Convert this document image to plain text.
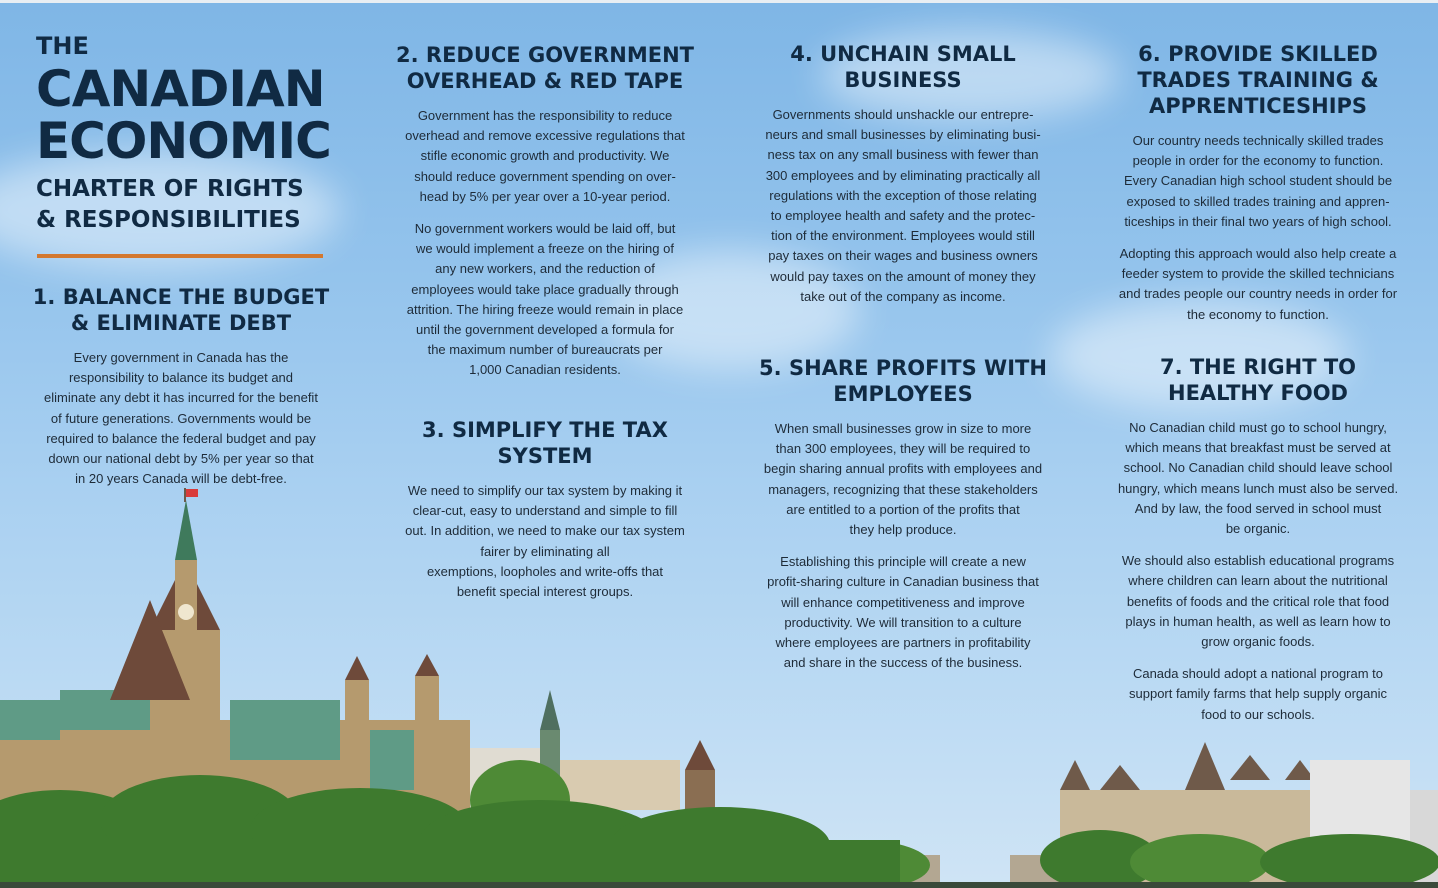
THE

CANADIAN

ECONOMIC

CHARTER OF RIGHTS
& RESPONSIBILITIES

1. BALANCE THE BUDGET
& ELIMINATE DEBT

Every government in Canada has the
responsibility to balance its budget and
eliminate any debt it has incurred for the benefit
of future generations. Governments would be
required to balance the federal budget and pay
down our national debt by 5% per year so that
in 20 years Canada will be debt-free.

2. REDUCE GOVERNMENT
OVERHEAD & RED TAPE

Government has the responsibility to reduce
overhead and remove excessive regulations that
stifle economic growth and productivity. We
should reduce government spending on over-
head by 5% per year over a 10-year period.

No government workers would be laid off, but
we would implement a freeze on the hiring of
any new workers, and the reduction of
employees would take place gradually through
attrition. The hiring freeze would remain in place
until the government developed a formula for
the maximum number of bureaucrats per
1,000 Canadian residents.

3. SIMPLIFY THE TAX
SYSTEM

We need to simplify our tax system by making it
clear-cut, easy to understand and simple to fill
out. In addition, we need to make our tax system
fairer by eliminating all
exemptions, loopholes and write-offs that
benefit special interest groups.

4. UNCHAIN SMALL
BUSINESS

Governments should unshackle our entrepre-
neurs and small businesses by eliminating busi-
ness tax on any small business with fewer than
300 employees and by eliminating practically all
regulations with the exception of those relating
to employee health and safety and the protec-
tion of the environment. Employees would still
pay taxes on their wages and business owners
would pay taxes on the amount of money they
take out of the company as income.

5. SHARE PROFITS WITH
EMPLOYEES

When small businesses grow in size to more
than 300 employees, they will be required to
begin sharing annual profits with employees and
managers, recognizing that these stakeholders
are entitled to a portion of the profits that
they help produce.

Establishing this principle will create a new
profit-sharing culture in Canadian business that
will enhance competitiveness and improve
productivity. We will transition to a culture
where employees are partners in profitability
and share in the success of the business.

6. PROVIDE SKILLED
TRADES TRAINING &
APPRENTICESHIPS

Our country needs technically skilled trades
people in order for the economy to function.
Every Canadian high school student should be
exposed to skilled trades training and appren-
ticeships in their final two years of high school.

Adopting this approach would also help create a
feeder system to provide the skilled technicians
and trades people our country needs in order for
the economy to function.

7. THE RIGHT TO
HEALTHY FOOD

No Canadian child must go to school hungry,
which means that breakfast must be served at
school. No Canadian child should leave school
hungry, which means lunch must also be served.
And by law, the food served in school must
be organic.

We should also establish educational programs
where children can learn about the nutritional
benefits of foods and the critical role that food
plays in human health, as well as learn how to
grow organic foods.

Canada should adopt a national program to
support family farms that help supply organic
food to our schools.
